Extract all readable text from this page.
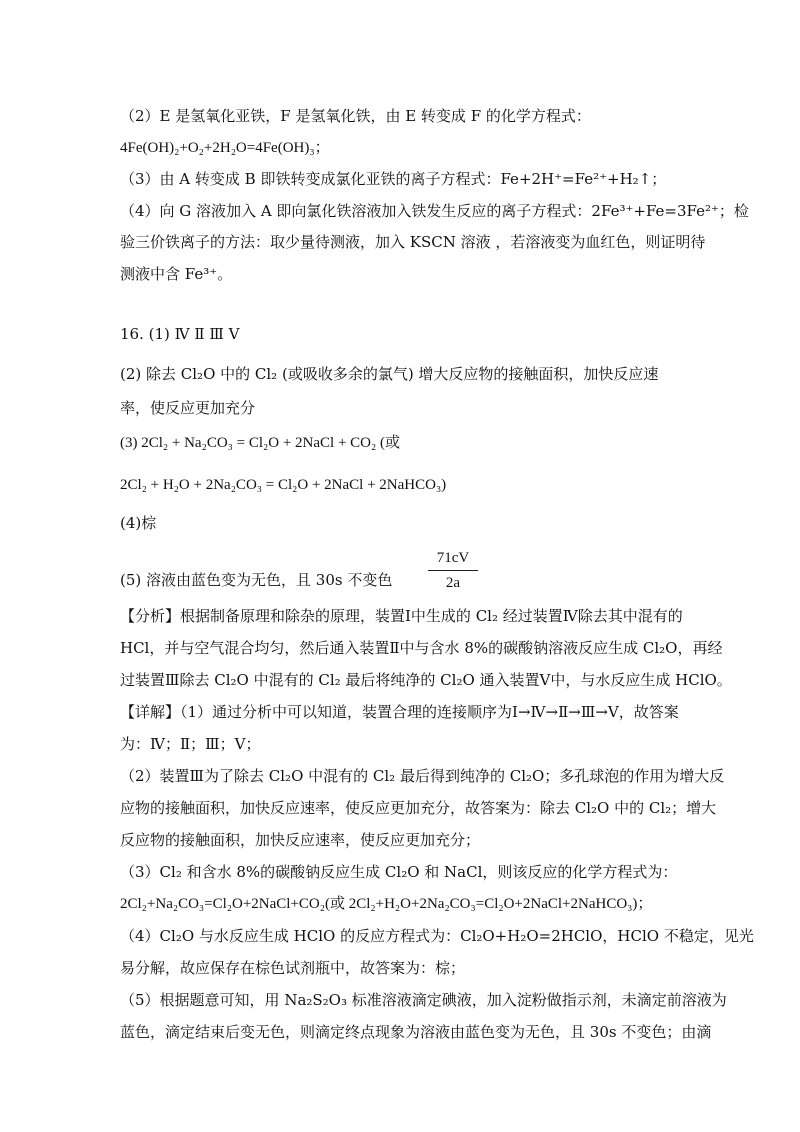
（2）E 是氢氧化亚铁，F 是氢氧化铁，由 E 转变成 F 的化学方程式：
4Fe(OH)₂+O₂+2H₂O=4Fe(OH)₃；
（3）由 A 转变成 B 即铁转变成氯化亚铁的离子方程式：Fe+2H⁺=Fe²⁺+H₂↑；
（4）向 G 溶液加入 A 即向氯化铁溶液加入铁发生反应的离子方程式：2Fe³⁺+Fe=3Fe²⁺；检
验三价铁离子的方法：取少量待测液，加入 KSCN 溶液 ，若溶液变为血红色，则证明待
测液中含 Fe³⁺。
16. (1) Ⅳ Ⅱ Ⅲ Ⅴ
(2) 除去 Cl₂O 中的 Cl₂ (或吸收多余的氯气) 增大反应物的接触面积，加快反应速
率，使反应更加充分
(3) 2Cl₂ + Na₂CO₃ = Cl₂O + 2NaCl + CO₂ (或
2Cl₂ + H₂O + 2Na₂CO₃ = Cl₂O + 2NaCl + 2NaHCO₃)
(4)棕
(5) 溶液由蓝色变为无色，且 30s 不变色 $\frac{71cV}{2a}$
【分析】根据制备原理和除杂的原理，装置Ⅰ中生成的 Cl₂ 经过装置Ⅳ除去其中混有的
HCl，并与空气混合均匀，然后通入装置Ⅱ中与含水 8%的碳酸钠溶液反应生成 Cl₂O，再经
过装置Ⅲ除去 Cl₂O 中混有的 Cl₂ 最后将纯净的 Cl₂O 通入装置Ⅴ中，与水反应生成 HClO。
【详解】（1）通过分析中可以知道，装置合理的连接顺序为Ⅰ→Ⅳ→Ⅱ→Ⅲ→Ⅴ，故答案
为：Ⅳ；Ⅱ；Ⅲ；Ⅴ；
（2）装置Ⅲ为了除去 Cl₂O 中混有的 Cl₂ 最后得到纯净的 Cl₂O；多孔球泡的作用为增大反
应物的接触面积，加快反应速率，使反应更加充分，故答案为：除去 Cl₂O 中的 Cl₂；增大
反应物的接触面积，加快反应速率，使反应更加充分；
（3）Cl₂ 和含水 8%的碳酸钠反应生成 Cl₂O 和 NaCl，则该反应的化学方程式为：
2Cl₂+Na₂CO₃=Cl₂O+2NaCl+CO₂(或 2Cl₂+H₂O+2Na₂CO₃=Cl₂O+2NaCl+2NaHCO₃)；
（4）Cl₂O 与水反应生成 HClO 的反应方程式为：Cl₂O+H₂O=2HClO，HClO 不稳定，见光
易分解，故应保存在棕色试剂瓶中，故答案为：棕；
（5）根据题意可知，用 Na₂S₂O₃ 标准溶液滴定碘液，加入淀粉做指示剂，未滴定前溶液为
蓝色，滴定结束后变无色，则滴定终点现象为溶液由蓝色变为无色，且 30s 不变色；由滴
